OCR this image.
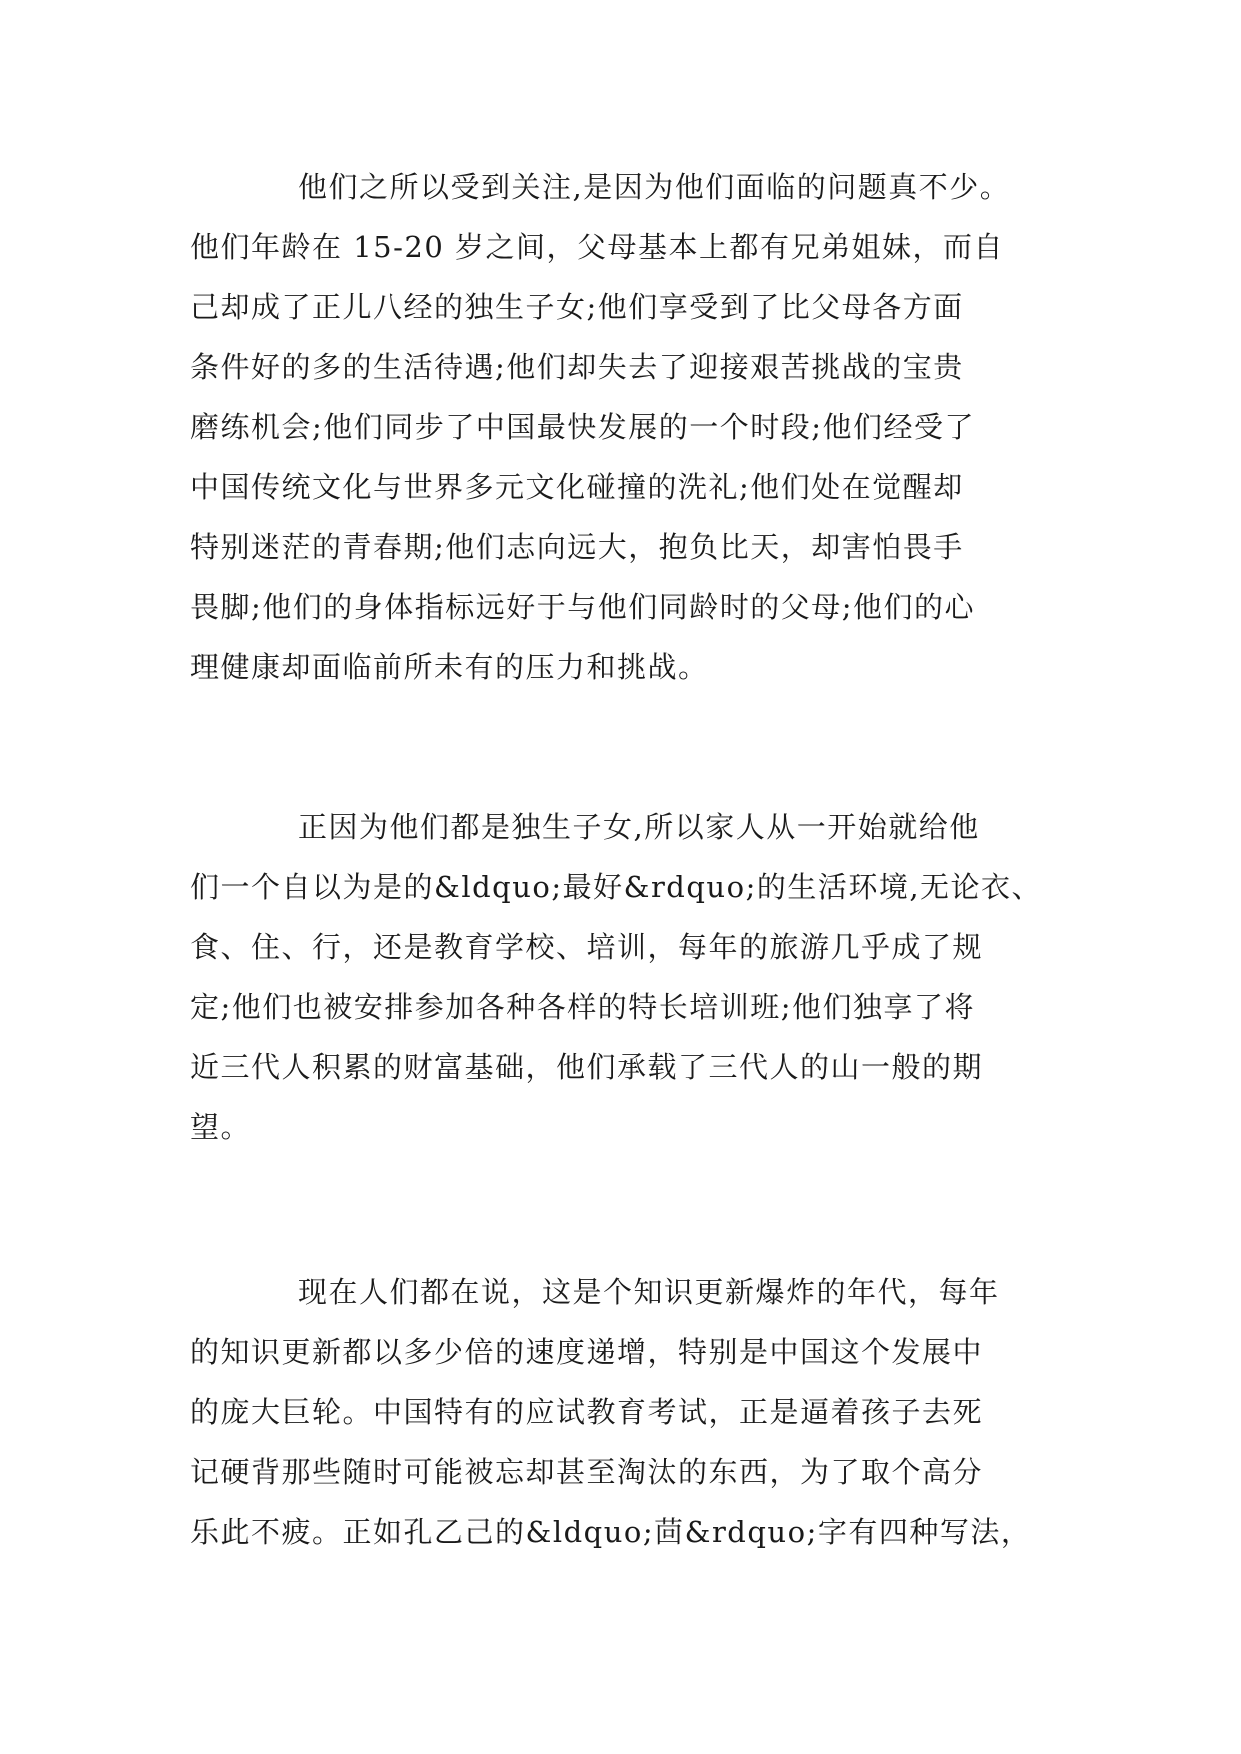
他们之所以受到关注,是因为他们面临的问题真不少。
他们年龄在 15-20 岁之间，父母基本上都有兄弟姐妹，而自
己却成了正儿八经的独生子女;他们享受到了比父母各方面
条件好的多的生活待遇;他们却失去了迎接艰苦挑战的宝贵
磨练机会;他们同步了中国最快发展的一个时段;他们经受了
中国传统文化与世界多元文化碰撞的洗礼;他们处在觉醒却
特别迷茫的青春期;他们志向远大，抱负比天，却害怕畏手
畏脚;他们的身体指标远好于与他们同龄时的父母;他们的心
理健康却面临前所未有的压力和挑战。
正因为他们都是独生子女,所以家人从一开始就给他
们一个自以为是的&ldquo;最好&rdquo;的生活环境,无论衣、
食、住、行，还是教育学校、培训，每年的旅游几乎成了规
定;他们也被安排参加各种各样的特长培训班;他们独享了将
近三代人积累的财富基础，他们承载了三代人的山一般的期
望。
现在人们都在说，这是个知识更新爆炸的年代，每年
的知识更新都以多少倍的速度递增，特别是中国这个发展中
的庞大巨轮。中国特有的应试教育考试，正是逼着孩子去死
记硬背那些随时可能被忘却甚至淘汰的东西，为了取个高分
乐此不疲。正如孔乙己的&ldquo;茴&rdquo;字有四种写法，
